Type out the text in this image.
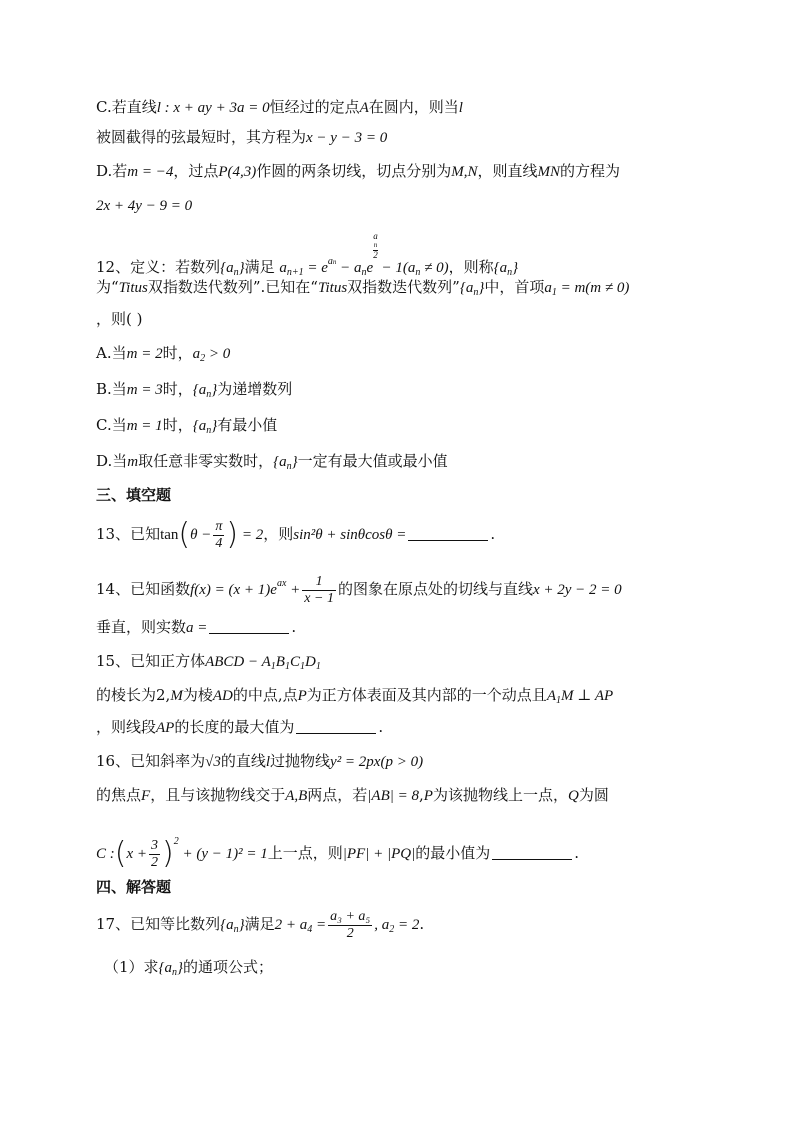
C.若直线l : x + ay + 3a = 0恒经过的定点A在圆内，则当l
被圆截得的弦最短时，其方程为x − y − 3 = 0
D.若m = −4，过点P(4,3)作圆的两条切线，切点分别为M,N，则直线MN的方程为
2x + 4y − 9 = 0
12、定义：若数列$\{a_n\}$满足 $a_{n+1} = e^{an} - a_ne$
a
n
2
− $1(a_n \ne 0)$，则称$\{a_n\}$
为“Titus双指数迭代数列”.已知在“Titus双指数迭代数列$”\{a_n\}$中，首项$a_1 = m(m \ne 0)$
，则( )
A.当m = 2时，$a_2 > 0$
B.当m = 3时，$\{a_n\}$为递增数列
C.当m = 1时，$\{a_n\}$有最小值
D.当m取任意非零实数时，$\{a_n\}$一定有最大值或最小值
三、填空题
13、已知$\tan(\theta - \frac{\pi}{4}$ ) = 2，则sin²θ + sinθcosθ =	.
14、已知函数$f(x) = (x + 1)e^{ax} + \frac{1}{x - 1}$ 的图象在原点处的切线与直线x + 2y − 2 = 0
垂直，则实数a =	.
15、已知正方体ABCD − $A_1B_1C_1D_1$
的棱长为2,M为棱AD的中点,点P为正方体表面及其内部的一个动点且$A_1M$ ⊥ AP
，则线段AP的长度的最大值为	.
16、已知斜率为√3的直线l过抛物线y² = 2px(p > 0)
的焦点F，且与该抛物线交于A,B两点，若|AB| = 8,P为该抛物线上一点，Q为圆
C :(x + $\frac{3}{2} )^2 + (y - 1)^2 = 1$上一点，则|PF| + |PQ|的最小值为	.
四、解答题
17、已知等比数列$\{a_n\}$满足$2 + a_4 = \frac{\text{a₃ + a₅}}{2}$ , $a_2 = 2$.
（1）求$\{a_n\}$的通项公式；
